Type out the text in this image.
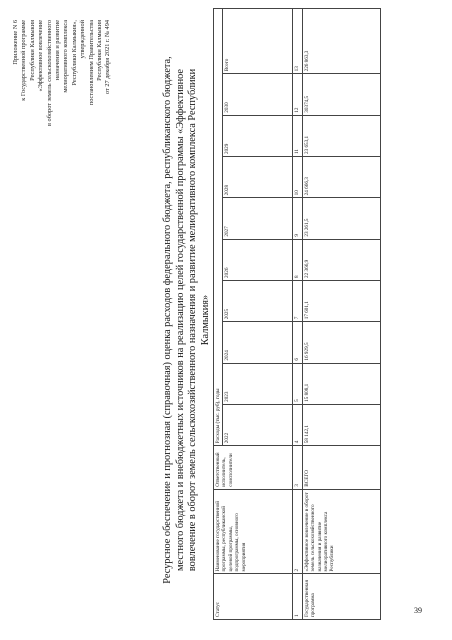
Приложение N 6 к Государственной программе Республики Калмыкия «Эффективное вовлечение в оборот земель сельскохозяйственного назначения и развитие мелиоративного комплекса Республики Калмыкия», утвержденной постановлением Правительства Республики Калмыкия от 27 декабря 2021 г. № 494	Ресурсное обеспечение и прогнозная (справочная) оценка расходов федерального бюджета, республиканского бюджета, местного бюджета и внебюджетных источников на реализацию целей государственной программы «Эффективное вовлечение в оборот земель сельскохозяйственного назначения и развитие мелиоративного комплекса Республики Калмыкия»
Статус	Наименование государственной программы, республиканской целевой программы, подпрограммы, основного мероприятия	Ответственный исполнитель, соисполнители	Расходы (тыс. руб), годы									
			2022	2023	2024	2025	2026	2027	2028	2029	2030	Всего
1	2	3	4	5	6	7	8	9	10	11	12	13
Государственная программа	«Эффективное вовлечение в оборот земель сельскохозяйственного назначения и развитие мелиоративного комплекса Республики	ВСЕГО	58 142,1	15 808,1	16 929,5	17 601,1	22 366,9	23 261,5	24 666,3	23 653,1	30374,5	226 863,3
39
